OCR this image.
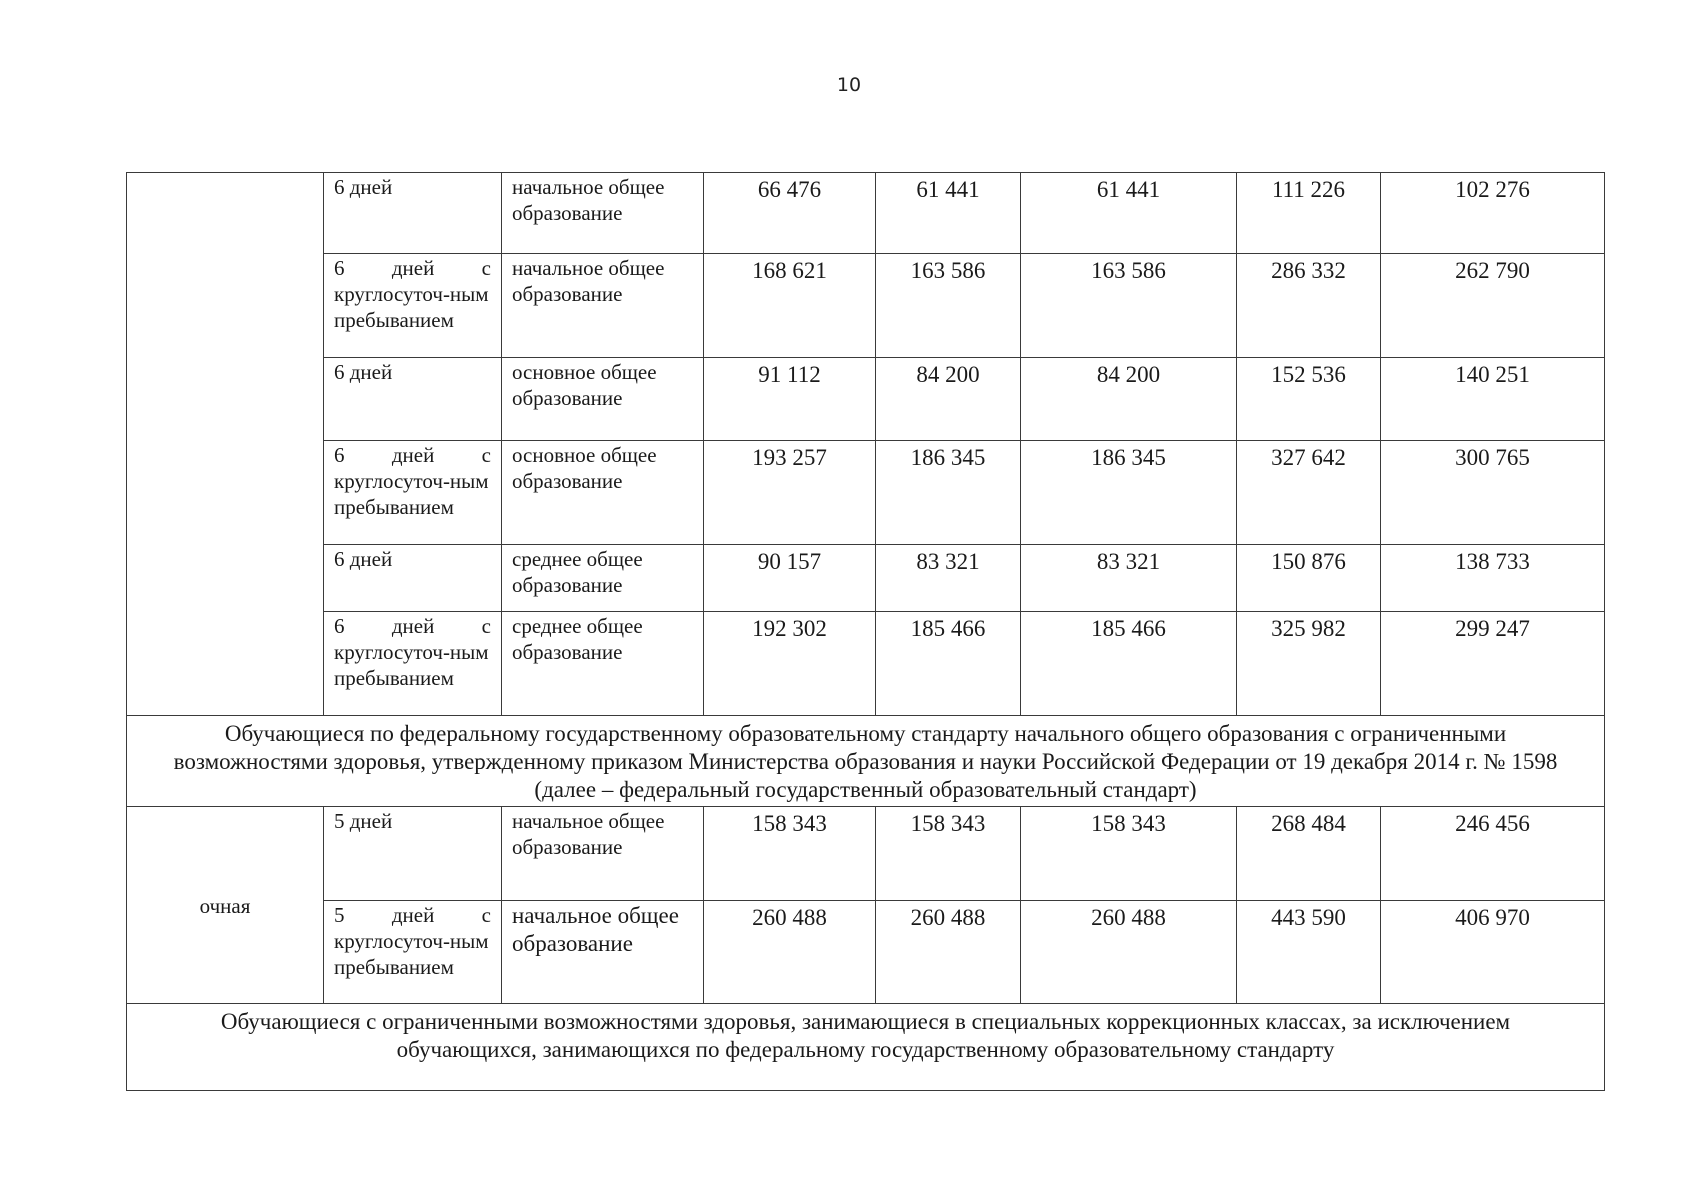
10
	6 дней	начальное общее образование	66 476	61 441	61 441	111 226	102 276
	6 дней с круглосуточ-ным пребыванием	начальное общее образование	168 621	163 586	163 586	286 332	262 790
	6 дней	основное общее образование	91 112	84 200	84 200	152 536	140 251
	6 дней с круглосуточ-ным пребыванием	основное общее образование	193 257	186 345	186 345	327 642	300 765
	6 дней	среднее общее образование	90 157	83 321	83 321	150 876	138 733
	6 дней с круглосуточ-ным пребыванием	среднее общее образование	192 302	185 466	185 466	325 982	299 247
Обучающиеся по федеральному государственному образовательному стандарту начального общего образования с ограниченными возможностями здоровья, утвержденному приказом Министерства образования и науки Российской Федерации от 19 декабря 2014 г. № 1598 (далее – федеральный государственный образовательный стандарт)							
очная	5 дней	начальное общее образование	158 343	158 343	158 343	268 484	246 456
	5 дней с круглосуточ-ным пребыванием	начальное общее образование	260 488	260 488	260 488	443 590	406 970
Обучающиеся с ограниченными возможностями здоровья, занимающиеся в специальных коррекционных классах, за исключением обучающихся, занимающихся по федеральному государственному образовательному стандарту							
